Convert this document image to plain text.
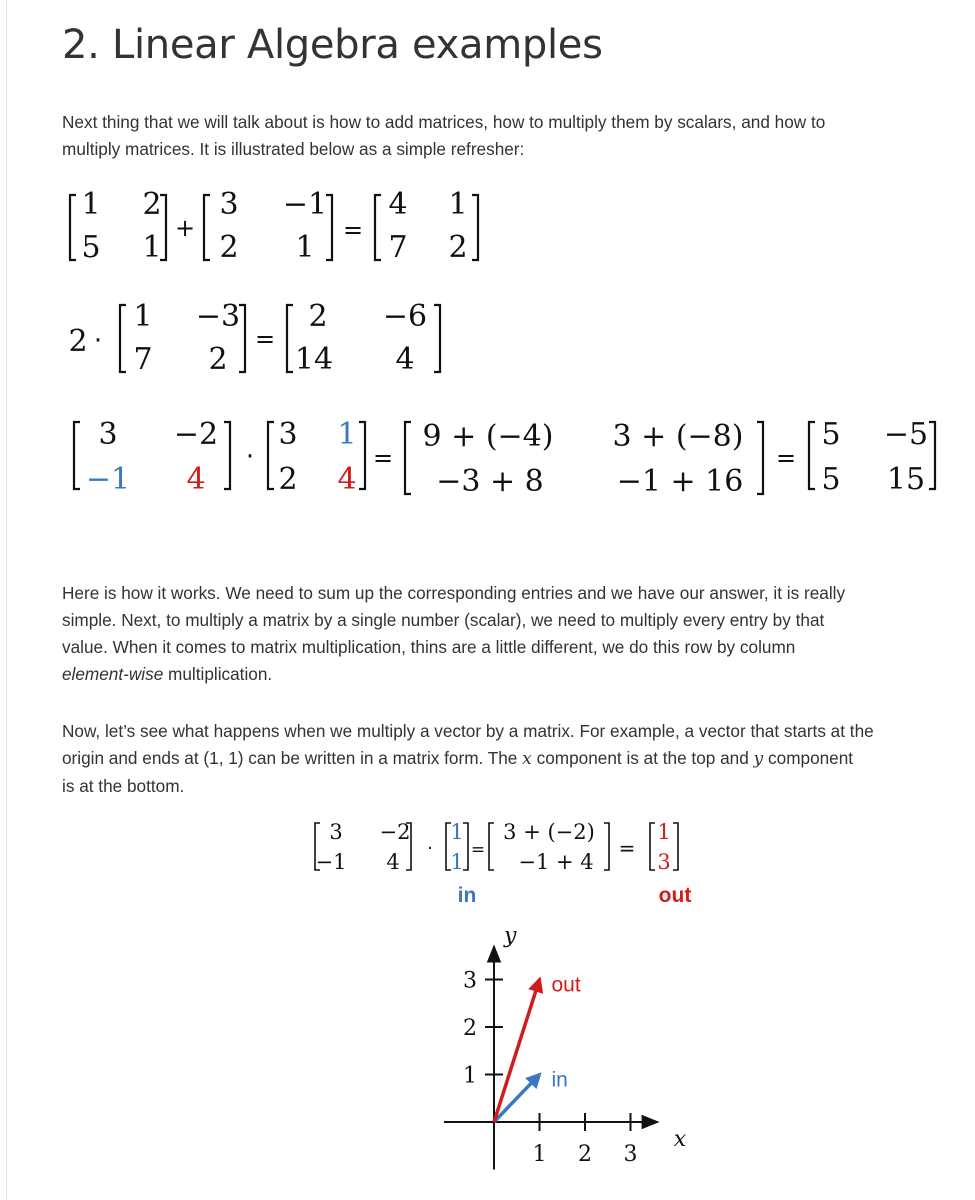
2. Linear Algebra examples

Next thing that we will talk about is how to add matrices, how to multiply them by scalars, and how to
multiply matrices. It is illustrated below as a simple refresher:

1 2
5 1
+
3 −1
2 1 =
4 1
7 2
2 ·
1 −3
7 2
=
2 −6
14 4
3 −2
−1 4
·
3 1
2 4
=
9 + (−4) 3 + (−8)
−3 + 8 −1 + 16
=
5 −5
5 15
3 −2
−1 4
·
1
1 =
3 + (−2)
−1 + 4
=
1
3
in	out
1 2 3
1
2
3
x
y
in
out

Here is how it works. We need to sum up the corresponding entries and we have our answer, it is really
simple. Next, to multiply a matrix by a single number (scalar), we need to multiply every entry by that
value. When it comes to matrix multiplication, thins are a little different, we do this row by column
element-wise multiplication.

Now, let’s see what happens when we multiply a vector by a matrix. For example, a vector that starts at the
origin and ends at (1, 1) can be written in a matrix form. The x component is at the top and y component
is at the bottom.
